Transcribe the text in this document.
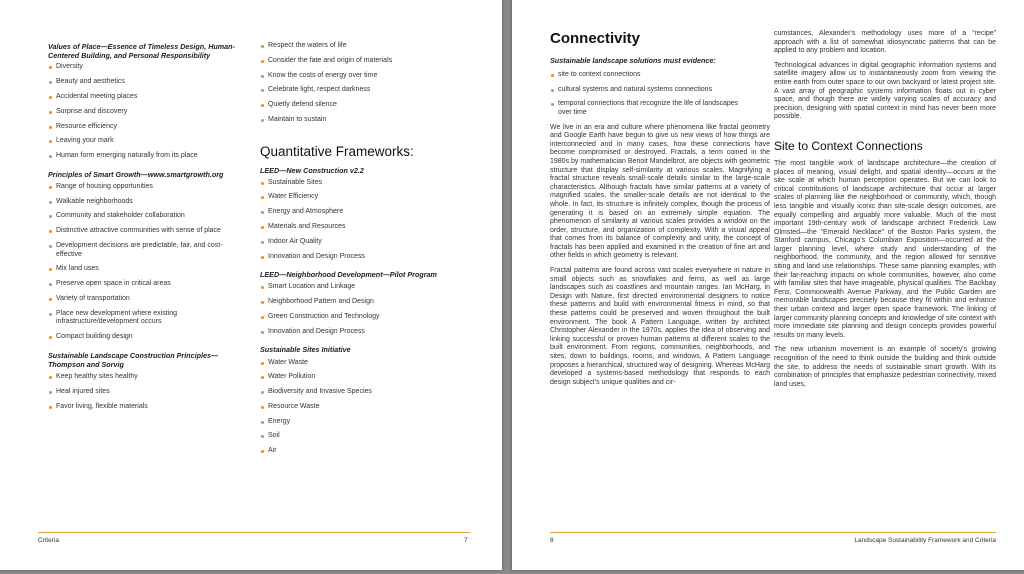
Values of Place—Essence of Timeless Design, Human-Centered Building, and Personal Responsibility

Diversity
Beauty and aesthetics
Accidental meeting places
Surprise and discovery
Resource efficiency
Leaving your mark
Human form emerging naturally from its place

Principles of Smart Growth—www.smartgrowth.org

Range of housing opportunities
Walkable neighborhoods
Community and stakeholder collaboration
Distinctive attractive communities with sense of place
Development decisions are predictable, fair, and cost-effective
Mix land uses
Preserve open space in critical areas
Variety of transportation
Place new development where existing infrastructure/development occurs
Compact building design

Sustainable Landscape Construction Principles—Thompson and Sorvig

Keep healthy sites healthy
Heal injured sites
Favor living, flexible materials
Respect the waters of life
Consider the fate and origin of materials
Know the costs of energy over time
Celebrate light, respect darkness
Quietly defend silence
Maintain to sustain

Quantitative Frameworks:

LEED—New Construction v2.2

Sustainable Sites
Water Efficiency
Energy and Atmosphere
Materials and Resources
Indoor Air Quality
Innovation and Design Process

LEED—Neighborhood Development—Pilot Program

Smart Location and Linkage
Neighborhood Pattern and Design
Green Construction and Technology
Innovation and Design Process

Sustainable Sites Initiative

Water Waste
Water Pollution
Biodiversity and Invasive Species
Resource Waste
Energy
Soil
Air
Criteria	7

Connectivity

Sustainable landscape solutions must evidence:

site to context connections
cultural systems and natural systems connections
temporal connections that recognize the life of landscapes over time

We live in an era and culture where phenomena like fractal geometry and Google Earth have begun to give us new views of how things are interconnected and in many cases, how these connections have become compromised or destroyed. Fractals, a term coined in the 1980s by mathematician Benoit Mandelbrot, are objects with geometric structure that display self-similarity at various scales. Magnifying a fractal structure reveals small-scale details similar to the large-scale characteristics. Although fractals have similar patterns at a variety of magnified scales, the smaller-scale details are not identical to the whole. In fact, its structure is infinitely complex, though the process of generating it is based on an extremely simple equation. The phenomenon of similarity at various scales provides a window on the order, structure, and organization of complexity. With a visual appeal that comes from its balance of complexity and unity, the concept of fractals has been applied and examined in the creation of fine art and other fields in which geometry is relevant.

Fractal patterns are found across vast scales everywhere in nature in small objects such as snowflakes and ferns, as well as large landscapes such as coastlines and mountain ranges. Ian McHarg, in Design with Nature, first directed environmental designers to notice these patterns and build with environmental fitness in mind, so that these patterns could be preserved and woven throughout the built environment. The book A Pattern Language, written by architect Christopher Alexander in the 1970s, applies the idea of observing and linking successful or proven human patterns at different scales to the built environment. From regions, communities, neighborhoods, and sites, down to buildings, rooms, and windows, A Pattern Language proposes a hierarchical, structured way of designing. Whereas McHarg developed a systems-based methodology that responds to each design subject's unique qualities and cir-

cumstances, Alexander's methodology uses more of a “recipe” approach with a list of somewhat idiosyncratic patterns that can be applied to any problem and location.

Technological advances in digital geographic information systems and satellite imagery allow us to instantaneously zoom from viewing the entire earth from outer space to our own backyard or latest project site. A vast array of geographic systems information floats out in cyber space, and though there are widely varying scales of accuracy and precision, designing with spatial context in mind has never been more possible.

Site to Context Connections

The most tangible work of landscape architecture—the creation of places of meaning, visual delight, and spatial identity—occurs at the site scale at which human perception operates. But we can look to critical contributions of landscape architecture that occur at larger scales of planning like the neighborhood or community, which, though less tangible and visually iconic than site-scale design outcomes, are equally compelling and arguably more valuable. Much of the most important 19th-century work of landscape architect Frederick Law Olmsted—the “Emerald Necklace” of the Boston Parks system, the Stanford campus, Chicago's Columbian Exposition—occurred at the larger planning level, where study and understanding of the neighborhood, the community, and the region allowed for sensitive siting and land use relationships. These same planning examples, with their far-reaching impacts on whole communities, however, also come with familiar sites that have imageable, physical qualities. The Backbay Fens, Commonwealth Avenue Parkway, and the Public Garden are memorable landscapes precisely because they fit within and enhance their urban context and larger open space framework. The linking of larger community planning concepts and knowledge of site context with more immediate site planning and design concepts provides powerful results on many levels.

The new urbanism movement is an example of society's growing recognition of the need to think outside the building and think outside the site, to address the needs of sustainable smart growth. With its combination of principles that emphasize pedestrian connectivity, mixed land uses,

8	Landscape Sustainability Framework and Criteria
